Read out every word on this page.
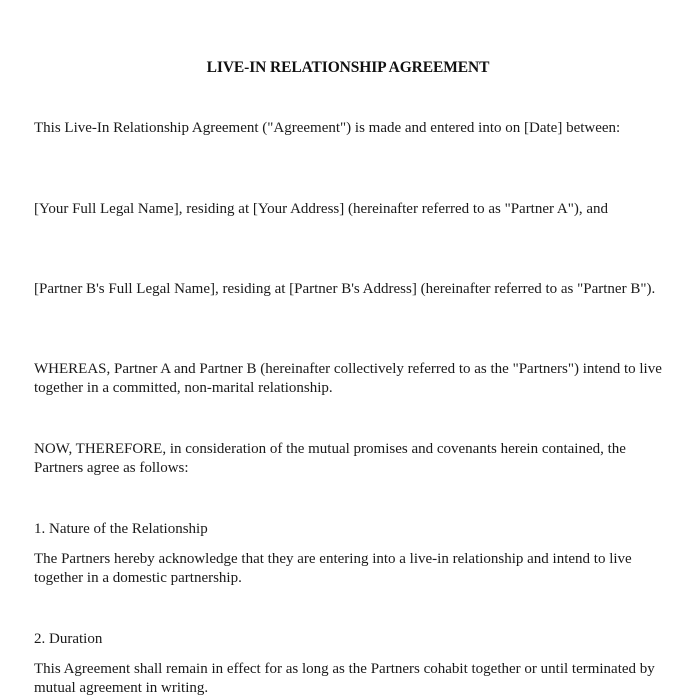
LIVE-IN RELATIONSHIP AGREEMENT

This Live-In Relationship Agreement ("Agreement") is made and entered into on [Date] between:

[Your Full Legal Name], residing at [Your Address] (hereinafter referred to as "Partner A"), and

[Partner B's Full Legal Name], residing at [Partner B's Address] (hereinafter referred to as "Partner B").

WHEREAS, Partner A and Partner B (hereinafter collectively referred to as the "Partners") intend to live together in a committed, non-marital relationship.

NOW, THEREFORE, in consideration of the mutual promises and covenants herein contained, the Partners agree as follows:

1. Nature of the Relationship

The Partners hereby acknowledge that they are entering into a live-in relationship and intend to live together in a domestic partnership.

2. Duration

This Agreement shall remain in effect for as long as the Partners cohabit together or until terminated by mutual agreement in writing.
